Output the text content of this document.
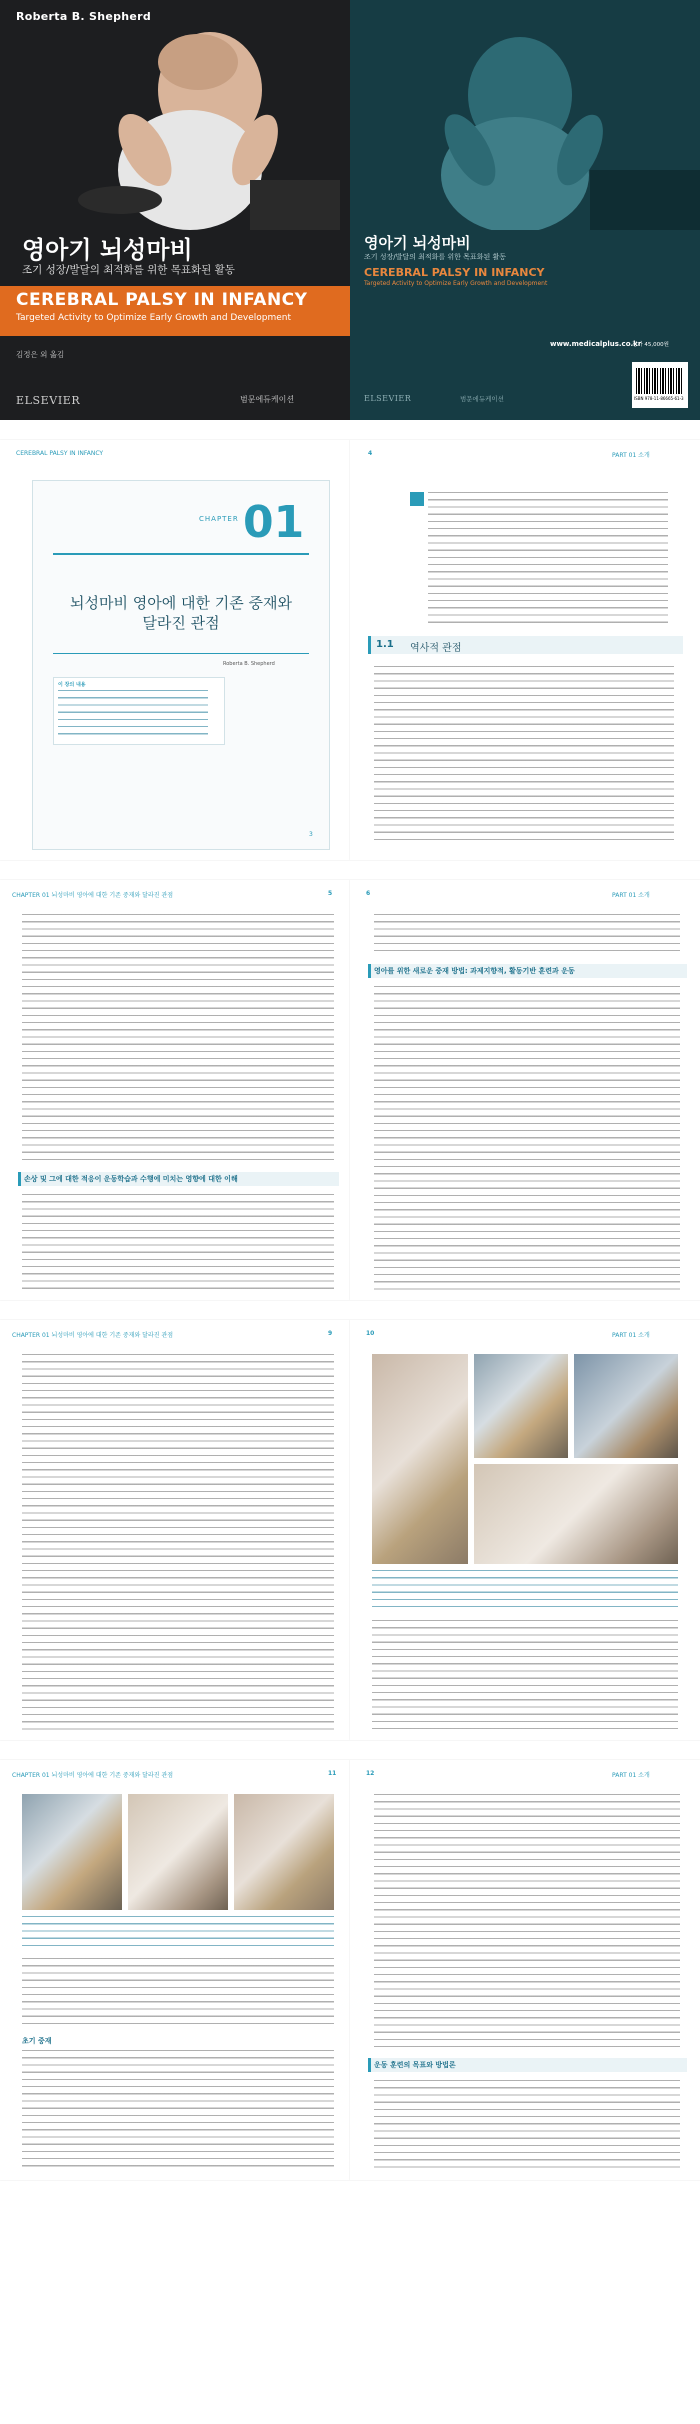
Roberta B. Shepherd
영아기 뇌성마비
조기 성장/발달의 최적화를 위한 목표화된 활동
CEREBRAL PALSY IN INFANCY
Targeted Activity to Optimize Early Growth and Development
김정은 외 옮김
ELSEVIER	범문에듀케이션
영아기 뇌성마비
조기 성장/발달의 최적화를 위한 목표화된 활동
CEREBRAL PALSY IN INFANCY
Targeted Activity to Optimize Early Growth and Development
www.medicalplus.co.kr
정가 45,000원
ISBN 978-11-86665-61-3
ELSEVIER	범문에듀케이션
CEREBRAL PALSY IN INFANCY
CHAPTER 01
뇌성마비 영아에 대한 기존 중재와
달라진 관점
Roberta B. Shepherd
이 장의 내용
3
4	PART 01 소개
1.1 역사적 관점
CHAPTER 01 뇌성마비 영아에 대한 기존 중재와 달라진 관점	5
손상 및 그에 대한 적응이 운동학습과 수행에 미치는 영향에 대한 이해
6	PART 01 소개
영아를 위한 새로운 중재 방법: 과제지향적, 활동기반 훈련과 운동
CHAPTER 01 뇌성마비 영아에 대한 기존 중재와 달라진 관점	9	10	PART 01 소개
CHAPTER 01 뇌성마비 영아에 대한 기존 중재와 달라진 관점	11
초기 중재
12	PART 01 소개
운동 훈련의 목표와 방법론
